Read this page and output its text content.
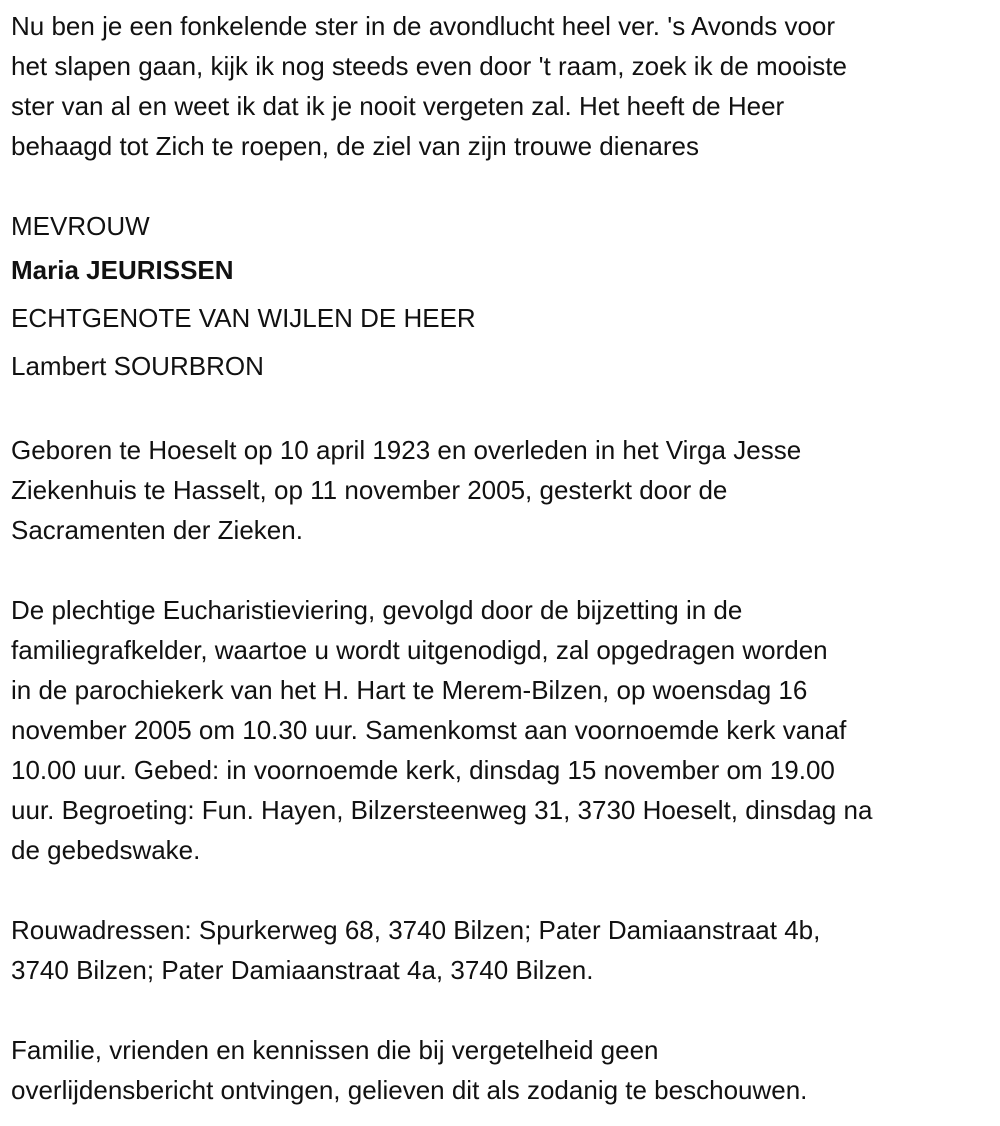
Nu ben je een fonkelende ster in de avondlucht heel ver. 's Avonds voor
het slapen gaan, kijk ik nog steeds even door 't raam, zoek ik de mooiste
ster van al en weet ik dat ik je nooit vergeten zal. Het heeft de Heer
behaagd tot Zich te roepen, de ziel van zijn trouwe dienares
MEVROUW
Maria JEURISSEN
ECHTGENOTE VAN WIJLEN DE HEER
Lambert SOURBRON
Geboren te Hoeselt op 10 april 1923 en overleden in het Virga Jesse
Ziekenhuis te Hasselt, op 11 november 2005, gesterkt door de
Sacramenten der Zieken.
De plechtige Eucharistieviering, gevolgd door de bijzetting in de
familiegrafkelder, waartoe u wordt uitgenodigd, zal opgedragen worden
in de parochiekerk van het H. Hart te Merem-Bilzen, op woensdag 16
november 2005 om 10.30 uur. Samenkomst aan voornoemde kerk vanaf
10.00 uur. Gebed: in voornoemde kerk, dinsdag 15 november om 19.00
uur. Begroeting: Fun. Hayen, Bilzersteenweg 31, 3730 Hoeselt, dinsdag na
de gebedswake.
Rouwadressen: Spurkerweg 68, 3740 Bilzen; Pater Damiaanstraat 4b,
3740 Bilzen; Pater Damiaanstraat 4a, 3740 Bilzen.
Familie, vrienden en kennissen die bij vergetelheid geen
overlijdensbericht ontvingen, gelieven dit als zodanig te beschouwen.
